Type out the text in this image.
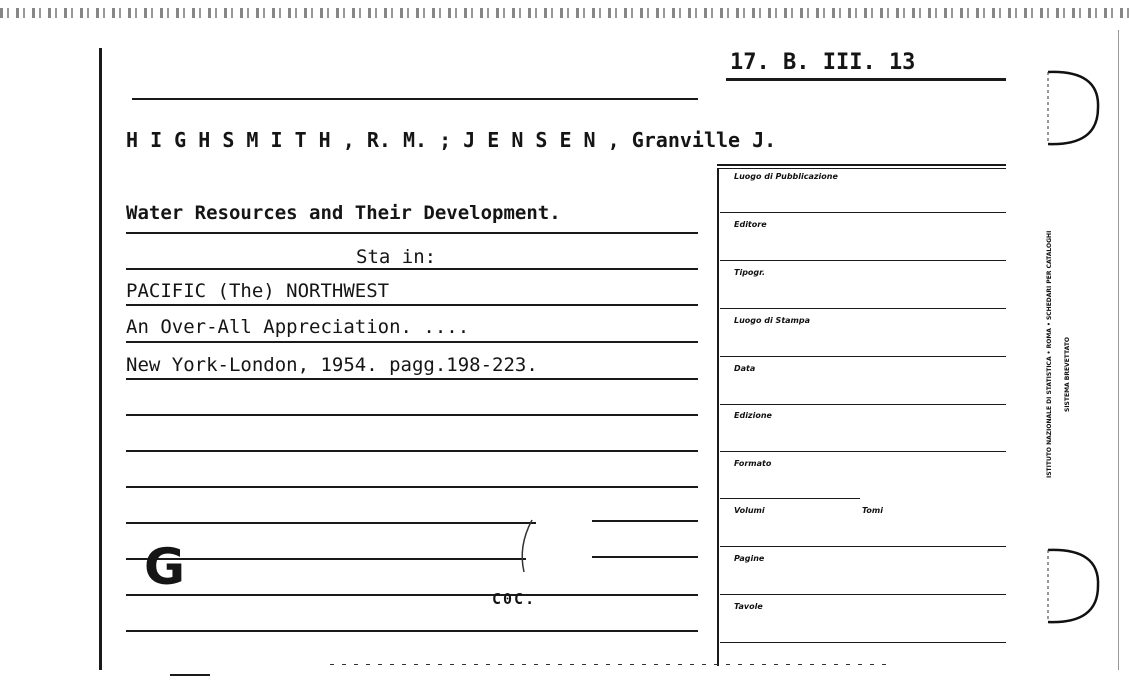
17. B. III. 13
H I G H S M I T H , R. M. ; J E N S E N , Granville J.
Luogo di Pubblicazione
Editore
Tipogr.
Luogo di Stampa
Data
Edizione
Formato
Volumi	Tomi
Pagine
Tavole
Water Resources and Their Development.
Sta in:
PACIFIC (The) NORTHWEST
An Over-All Appreciation. ....
New York-London, 1954. pagg.198-223.
G
C0C.
ISTITUTO NAZIONALE DI STATISTICA • ROMA • SCHEDARI PER CATALOGHI SISTEMA BREVETTATO
